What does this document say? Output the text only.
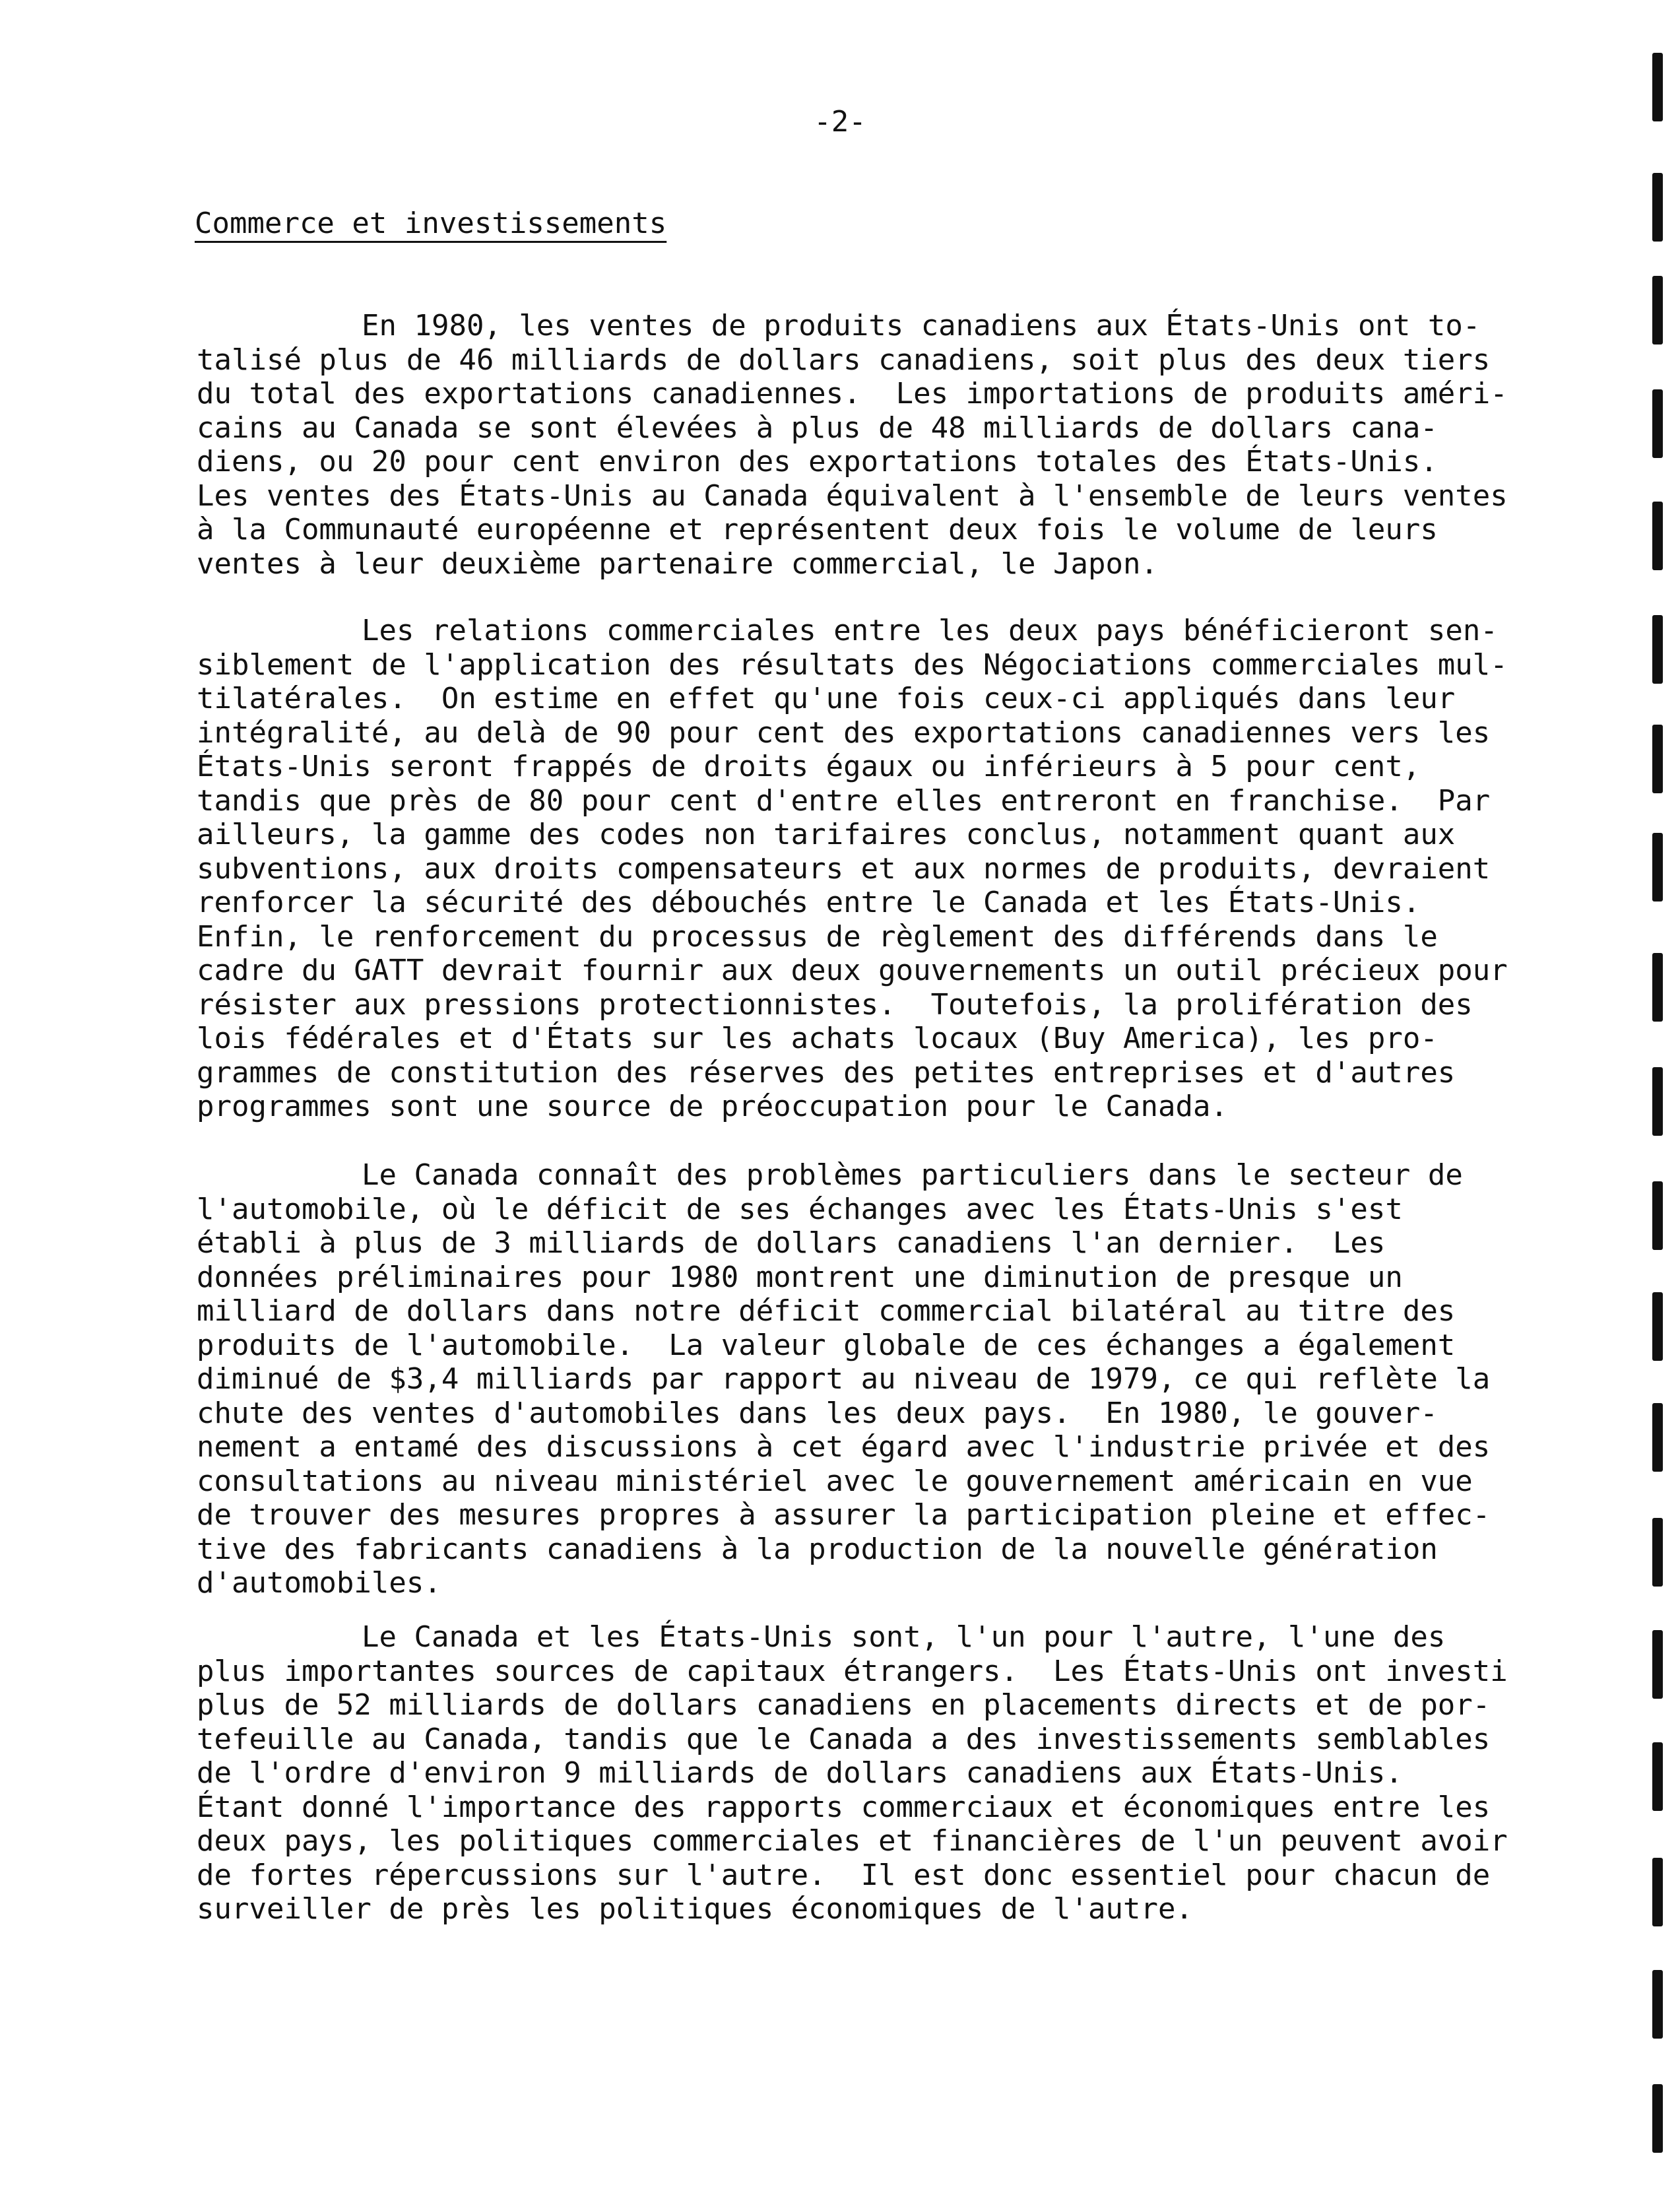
-2-
Commerce et investissements
En 1980, les ventes de produits canadiens aux États-Unis ont to-
talisé plus de 46 milliards de dollars canadiens, soit plus des deux tiers
du total des exportations canadiennes.  Les importations de produits améri-
cains au Canada se sont élevées à plus de 48 milliards de dollars cana-
diens, ou 20 pour cent environ des exportations totales des États-Unis.
Les ventes des États-Unis au Canada équivalent à l'ensemble de leurs ventes
à la Communauté européenne et représentent deux fois le volume de leurs
ventes à leur deuxième partenaire commercial, le Japon.
Les relations commerciales entre les deux pays bénéficieront sen-
siblement de l'application des résultats des Négociations commerciales mul-
tilatérales.  On estime en effet qu'une fois ceux-ci appliqués dans leur
intégralité, au delà de 90 pour cent des exportations canadiennes vers les
États-Unis seront frappés de droits égaux ou inférieurs à 5 pour cent,
tandis que près de 80 pour cent d'entre elles entreront en franchise.  Par
ailleurs, la gamme des codes non tarifaires conclus, notamment quant aux
subventions, aux droits compensateurs et aux normes de produits, devraient
renforcer la sécurité des débouchés entre le Canada et les États-Unis.
Enfin, le renforcement du processus de règlement des différends dans le
cadre du GATT devrait fournir aux deux gouvernements un outil précieux pour
résister aux pressions protectionnistes.  Toutefois, la prolifération des
lois fédérales et d'États sur les achats locaux (Buy America), les pro-
grammes de constitution des réserves des petites entreprises et d'autres
programmes sont une source de préoccupation pour le Canada.
Le Canada connaît des problèmes particuliers dans le secteur de
l'automobile, où le déficit de ses échanges avec les États-Unis s'est
établi à plus de 3 milliards de dollars canadiens l'an dernier.  Les
données préliminaires pour 1980 montrent une diminution de presque un
milliard de dollars dans notre déficit commercial bilatéral au titre des
produits de l'automobile.  La valeur globale de ces échanges a également
diminué de $3,4 milliards par rapport au niveau de 1979, ce qui reflète la
chute des ventes d'automobiles dans les deux pays.  En 1980, le gouver-
nement a entamé des discussions à cet égard avec l'industrie privée et des
consultations au niveau ministériel avec le gouvernement américain en vue
de trouver des mesures propres à assurer la participation pleine et effec-
tive des fabricants canadiens à la production de la nouvelle génération
d'automobiles.
Le Canada et les États-Unis sont, l'un pour l'autre, l'une des
plus importantes sources de capitaux étrangers.  Les États-Unis ont investi
plus de 52 milliards de dollars canadiens en placements directs et de por-
tefeuille au Canada, tandis que le Canada a des investissements semblables
de l'ordre d'environ 9 milliards de dollars canadiens aux États-Unis.
Étant donné l'importance des rapports commerciaux et économiques entre les
deux pays, les politiques commerciales et financières de l'un peuvent avoir
de fortes répercussions sur l'autre.  Il est donc essentiel pour chacun de
surveiller de près les politiques économiques de l'autre.
